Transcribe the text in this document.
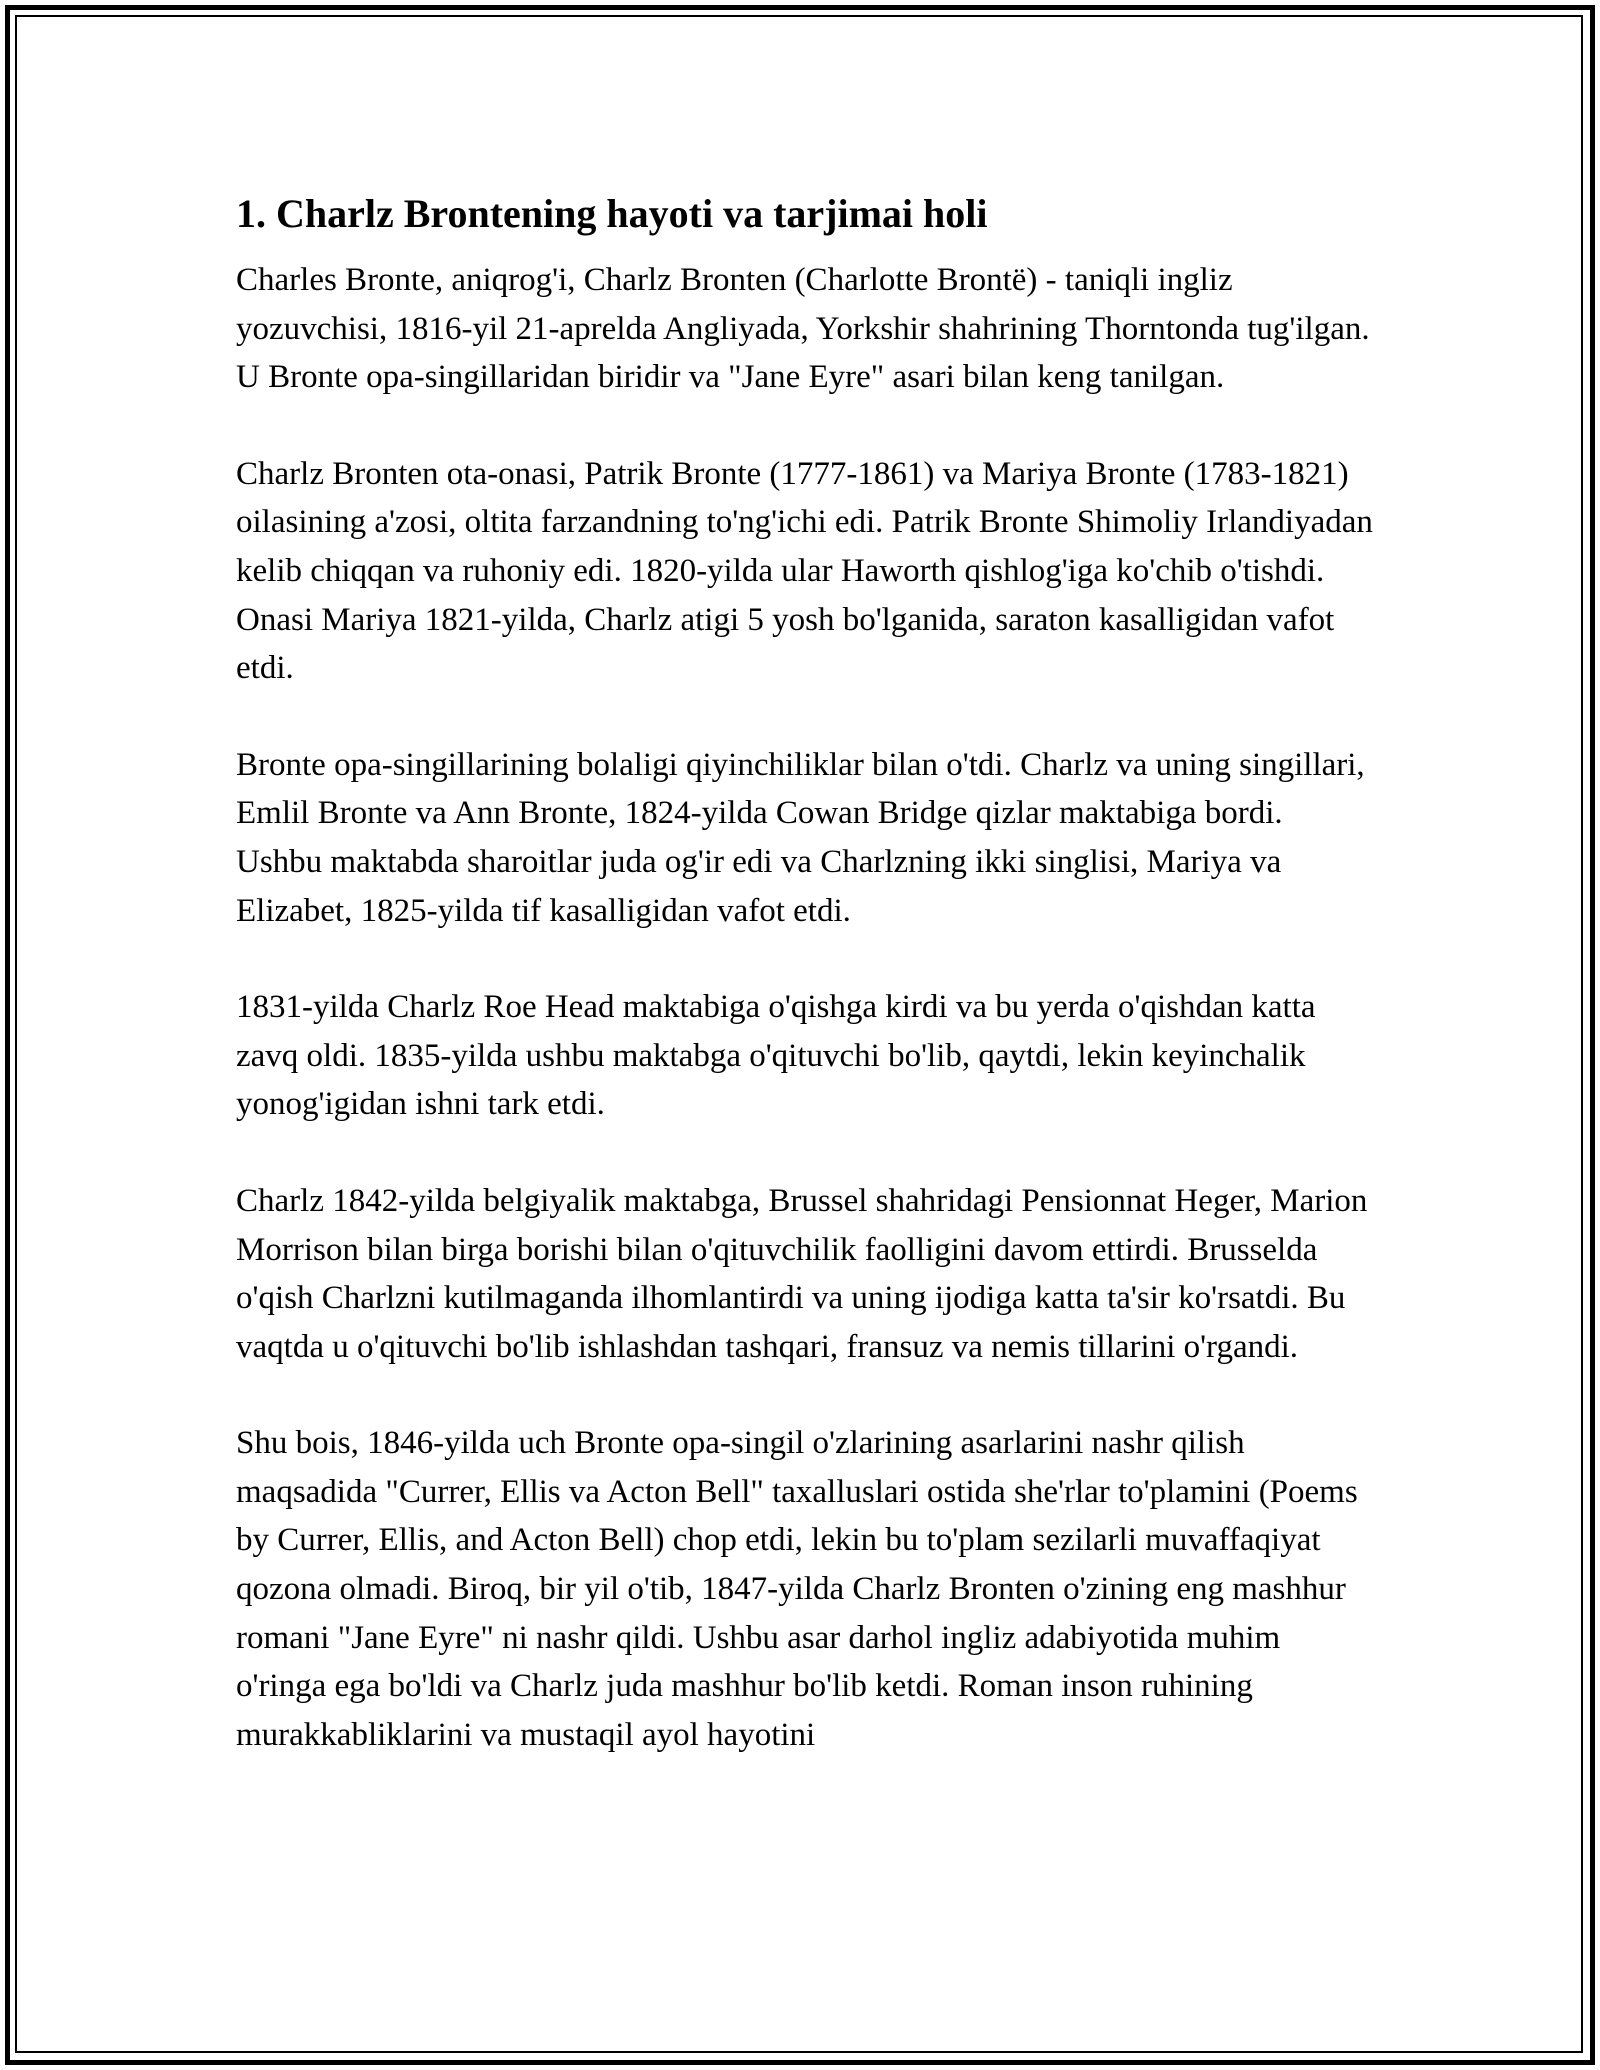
1. Charlz Brontening hayoti va tarjimai holi

Charles Bronte, aniqrog'i, Charlz Bronten (Charlotte Brontë) - taniqli ingliz yozuvchisi, 1816-yil 21-aprelda Angliyada, Yorkshir shahrining Thorntonda tug'ilgan. U Bronte opa-singillaridan biridir va "Jane Eyre" asari bilan keng tanilgan.

Charlz Bronten ota-onasi, Patrik Bronte (1777-1861) va Mariya Bronte (1783-1821) oilasining a'zosi, oltita farzandning to'ng'ichi edi. Patrik Bronte Shimoliy Irlandiyadan kelib chiqqan va ruhoniy edi. 1820-yilda ular Haworth qishlog'iga ko'chib o'tishdi. Onasi Mariya 1821-yilda, Charlz atigi 5 yosh bo'lganida, saraton kasalligidan vafot etdi.

Bronte opa-singillarining bolaligi qiyinchiliklar bilan o'tdi. Charlz va uning singillari, Emlil Bronte va Ann Bronte, 1824-yilda Cowan Bridge qizlar maktabiga bordi. Ushbu maktabda sharoitlar juda og'ir edi va Charlzning ikki singlisi, Mariya va Elizabet, 1825-yilda tif kasalligidan vafot etdi.

1831-yilda Charlz Roe Head maktabiga o'qishga kirdi va bu yerda o'qishdan katta zavq oldi. 1835-yilda ushbu maktabga o'qituvchi bo'lib, qaytdi, lekin keyinchalik yonog'igidan ishni tark etdi.

Charlz 1842-yilda belgiyalik maktabga, Brussel shahridagi Pensionnat Heger, Marion Morrison bilan birga borishi bilan o'qituvchilik faolligini davom ettirdi. Brusselda o'qish Charlzni kutilmaganda ilhomlantirdi va uning ijodiga katta ta'sir ko'rsatdi. Bu vaqtda u o'qituvchi bo'lib ishlashdan tashqari, fransuz va nemis tillarini o'rgandi.

Shu bois, 1846-yilda uch Bronte opa-singil o'zlarining asarlarini nashr qilish maqsadida "Currer, Ellis va Acton Bell" taxalluslari ostida she'rlar to'plamini (Poems by Currer, Ellis, and Acton Bell) chop etdi, lekin bu to'plam sezilarli muvaffaqiyat qozona olmadi. Biroq, bir yil o'tib, 1847-yilda Charlz Bronten o'zining eng mashhur romani "Jane Eyre" ni nashr qildi. Ushbu asar darhol ingliz adabiyotida muhim o'ringa ega bo'ldi va Charlz juda mashhur bo'lib ketdi. Roman inson ruhining murakkabliklarini va mustaqil ayol hayotini
